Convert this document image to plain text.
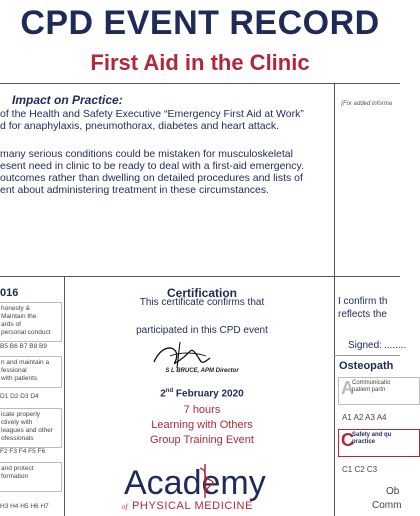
CPD EVENT RECORD
First Aid in the Clinic
Impact on Practice:
of the Health and Safety Executive “Emergency First Aid at Work”
d for anaphylaxis, pneumothorax, diabetes and heart attack.
many serious conditions could be mistaken for musculoskeletal
esent need in clinic to be ready to deal with a first-aid emergency.
outcomes rather than dwelling on detailed procedures and lists of
ent about administering treatment in these circumstances.
(For added informa
016
honesty &
Maintain the
ards of
personal conduct
B5 B6 B7 B8 B9
n and maintain a
fessional
with patients
D1 D2 D3 D4
icate properly
ctively with
leagues and other
ofessionals
F2 F3 F4 F5 F6
and protect
formation
H3 H4 H5 H6 H7
Certification
This certificate confirms that
participated in this CPD event
S L BRUCE, APM Director
2nd February 2020
7 hours
Learning with Others
Group Training Event
Academy
of PHYSICAL MEDICINE
I confirm th
reflects the
Signed: ........
Osteopath
A
Communicatio
patient partn
A1 A2 A3 A4
C
Safety and qu
practice
C1 C2 C3
Ob
Comm
